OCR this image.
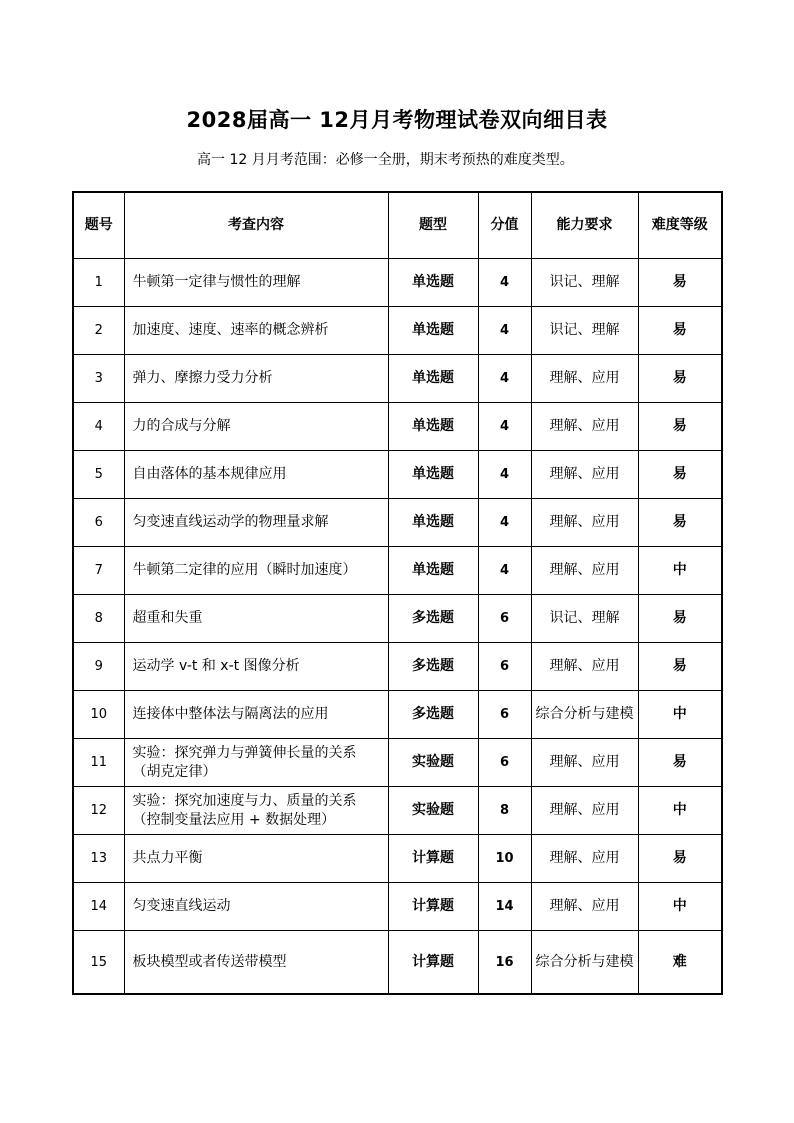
2028届高一 12月月考物理试卷双向细目表
高一 12 月月考范围：必修一全册，期末考预热的难度类型。
题号	考查内容	题型	分值	能力要求	难度等级
1	牛顿第一定律与惯性的理解	单选题	4	识记、理解	易
2	加速度、速度、速率的概念辨析	单选题	4	识记、理解	易
3	弹力、摩擦力受力分析	单选题	4	理解、应用	易
4	力的合成与分解	单选题	4	理解、应用	易
5	自由落体的基本规律应用	单选题	4	理解、应用	易
6	匀变速直线运动学的物理量求解	单选题	4	理解、应用	易
7	牛顿第二定律的应用（瞬时加速度）	单选题	4	理解、应用	中
8	超重和失重	多选题	6	识记、理解	易
9	运动学 v-t 和 x-t 图像分析	多选题	6	理解、应用	易
10	连接体中整体法与隔离法的应用	多选题	6	综合分析与建模	中
11	实验：探究弹力与弹簧伸长量的关系（胡克定律）	实验题	6	理解、应用	易
12	实验：探究加速度与力、质量的关系（控制变量法应用 + 数据处理）	实验题	8	理解、应用	中
13	共点力平衡	计算题	10	理解、应用	易
14	匀变速直线运动	计算题	14	理解、应用	中
15	板块模型或者传送带模型	计算题	16	综合分析与建模	难
